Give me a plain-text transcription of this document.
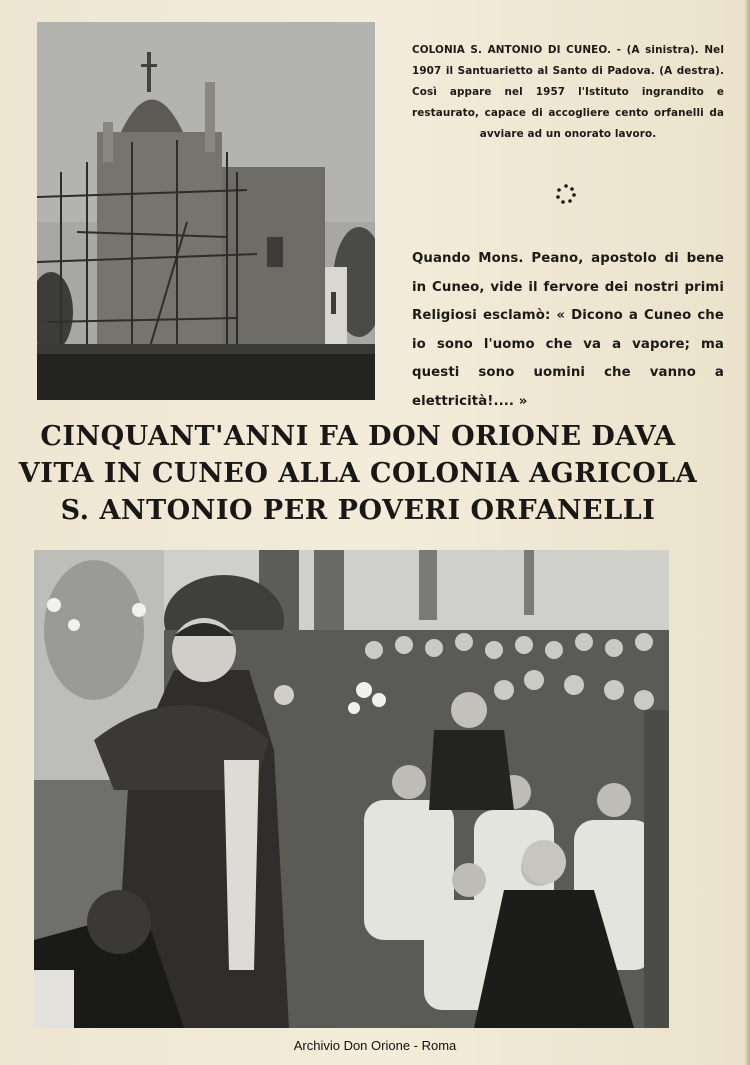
COLONIA S. ANTONIO DI CUNEO. - (A sinistra). Nel 1907 il Santuarietto al Santo di Padova. (A destra). Così appare nel 1957 l'Istituto ingrandito e restaurato, capace di accogliere cento orfanelli da avviare ad un onorato lavoro.
Quando Mons. Peano, apostolo di bene in Cuneo, vide il fervore dei nostri primi Religiosi esclamò: « Dicono a Cuneo che io sono l'uomo che va a vapore; ma questi sono uomini che vanno a elettricità!.... »
CINQUANT'ANNI FA DON ORIONE DAVA
VITA IN CUNEO ALLA COLONIA AGRICOLA
S. ANTONIO PER POVERI ORFANELLI
Archivio Don Orione - Roma
